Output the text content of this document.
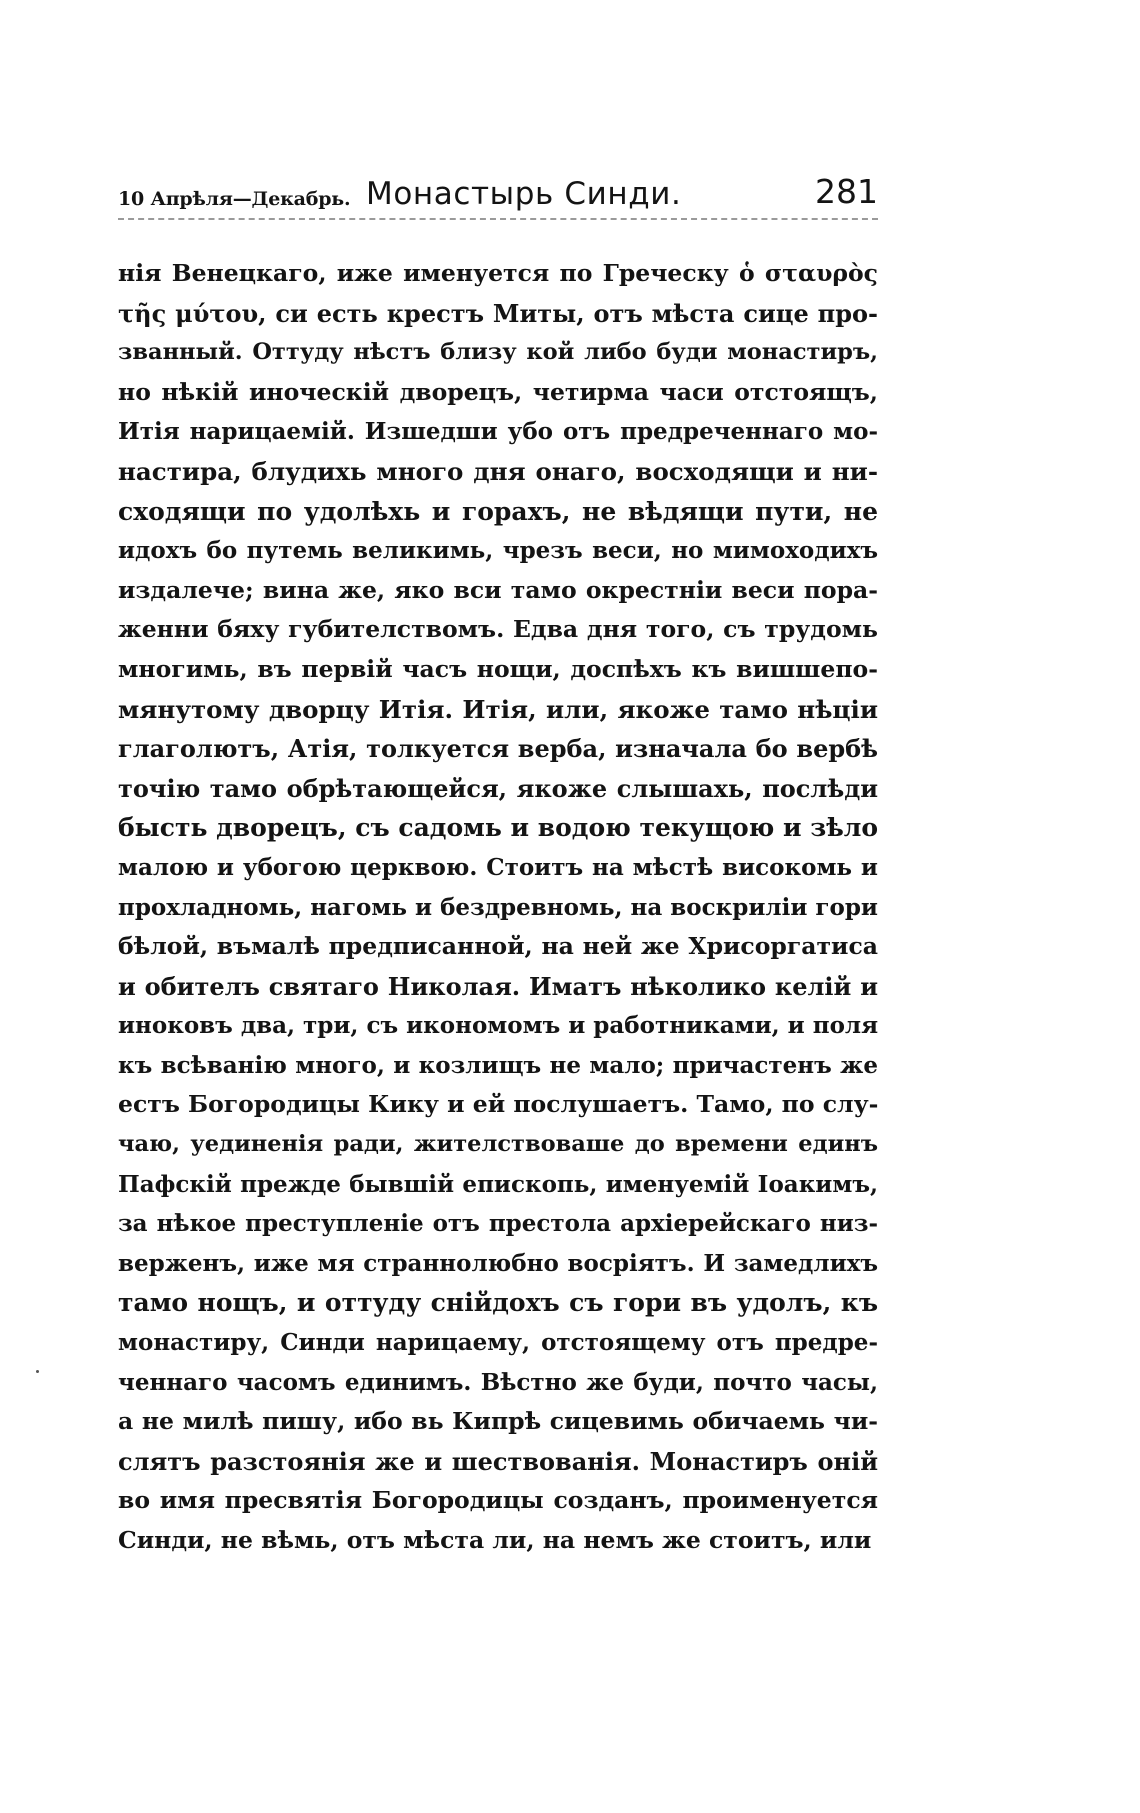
10 Апрѣля—Декабрь. Монастырь Синди.	281
нія Венецкаго, иже именуется по Греческу ὁ σταυρὸς
τῆς μύτου, си есть крестъ Миты, отъ мѣста сице про-
званный. Оттуду нѣстъ близу кой либо буди монастиръ,
но нѣкій иноческій дворецъ, четирма часи отстоящъ,
Итія нарицаемій. Изшедши убо отъ предреченнаго мо-
настира, блудихь много дня онаго, восходящи и ни-
сходящи по удолѣхь и горахъ, не вѣдящи пути, не
идохъ бо путемь великимь, чрезъ веси, но мимоходихъ
издалече; вина же, яко вси тамо окрестніи веси пора-
женни бяху губителствомъ. Едва дня того, съ трудомь
многимь, въ первій часъ нощи, доспѣхъ къ вишшепо-
мянутому дворцу Итія. Итія, или, якоже тамо нѣціи
глаголютъ, Атія, толкуется верба, изначала бо вербѣ
точію тамо обрѣтающейся, якоже слышахь, послѣди
бысть дворецъ, съ садомь и водою текущою и зѣло
малою и убогою церквою. Стоитъ на мѣстѣ високомь и
прохладномь, нагомь и бездревномь, на воскриліи гори
бѣлой, въмалѣ предписанной, на ней же Хрисоргатиса
и обителъ святаго Николая. Иматъ нѣколико келій и
иноковъ два, три, съ икономомъ и работниками, и поля
къ всѣванію много, и козлищъ не мало; причастенъ же
естъ Богородицы Кику и ей послушаетъ. Тамо, по слу-
чаю, уединенія ради, жителствоваше до времени единъ
Пафскій прежде бывшій епископь, именуемій Іоакимъ,
за нѣкое преступленіе отъ престола архіерейскаго низ-
верженъ, иже мя страннолюбно восріятъ. И замедлихъ
тамо нощъ, и оттуду снійдохъ съ гори въ удолъ, къ
монастиру, Синди нарицаему, отстоящему отъ предре-
ченнаго часомъ единимъ. Вѣстно же буди, почто часы,
а не милѣ пишу, ибо вь Кипрѣ сицевимь обичаемь чи-
слятъ разстоянія же и шествованія. Монастиръ оній
во имя пресвятія Богородицы созданъ, проименуется
Синди, не вѣмь, отъ мѣста ли, на немъ же стоитъ, или
